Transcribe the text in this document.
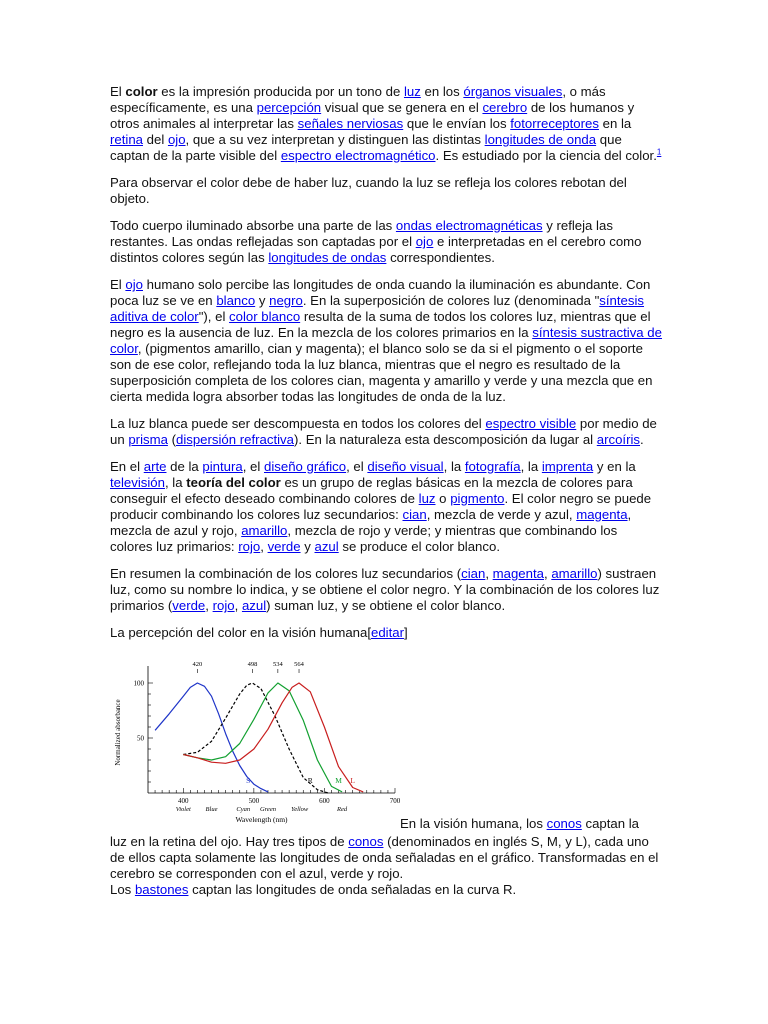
El color es la impresión producida por un tono de luz en los órganos visuales, o más específicamente, es una percepción visual que se genera en el cerebro de los humanos y otros animales al interpretar las señales nerviosas que le envían los fotorreceptores en la retina del ojo, que a su vez interpretan y distinguen las distintas longitudes de onda que captan de la parte visible del espectro electromagnético. Es estudiado por la ciencia del color.$^1$

Para observar el color debe de haber luz, cuando la luz se refleja los colores rebotan del objeto.

Todo cuerpo iluminado absorbe una parte de las ondas electromagnéticas y refleja las restantes. Las ondas reflejadas son captadas por el ojo e interpretadas en el cerebro como distintos colores según las longitudes de ondas correspondientes.

El ojo humano solo percibe las longitudes de onda cuando la iluminación es abundante. Con poca luz se ve en blanco y negro. En la superposición de colores luz (denominada "síntesis aditiva de color"), el color blanco resulta de la suma de todos los colores luz, mientras que el negro es la ausencia de luz. En la mezcla de los colores primarios en la síntesis sustractiva de color, (pigmentos amarillo, cian y magenta); el blanco solo se da si el pigmento o el soporte son de ese color, reflejando toda la luz blanca, mientras que el negro es resultado de la superposición completa de los colores cian, magenta y amarillo y verde y una mezcla que en cierta medida logra absorber todas las longitudes de onda de la luz.

La luz blanca puede ser descompuesta en todos los colores del espectro visible por medio de un prisma (dispersión refractiva). En la naturaleza esta descomposición da lugar al arcoíris.

En el arte de la pintura, el diseño gráfico, el diseño visual, la fotografía, la imprenta y en la televisión, la teoría del color es un grupo de reglas básicas en la mezcla de colores para conseguir el efecto deseado combinando colores de luz o pigmento. El color negro se puede producir combinando los colores luz secundarios: cian, mezcla de verde y azul, magenta, mezcla de azul y rojo, amarillo, mezcla de rojo y verde; y mientras que combinando los colores luz primarios: rojo, verde y azul se produce el color blanco.

En resumen la combinación de los colores luz secundarios (cian, magenta, amarillo) sustraen luz, como su nombre lo indica, y se obtiene el color negro. Y la combinación de los colores luz primarios (verde, rojo, azul) suman luz, y se obtiene el color blanco.

La percepción del color en la visión humana[editar]

400	500	600	700
50
100
Violet Blue	Cyan Green Yellow	Red
Wavelength (nm)
Normalized absorbance
S	R	M L
420	498 534 564
En la visión humana, los conos captan la
luz en la retina del ojo. Hay tres tipos de conos (denominados en inglés S, M, y L), cada uno de ellos capta solamente las longitudes de onda señaladas en el gráfico. Transformadas en el cerebro se corresponden con el azul, verde y rojo.
Los bastones captan las longitudes de onda señaladas en la curva R.
